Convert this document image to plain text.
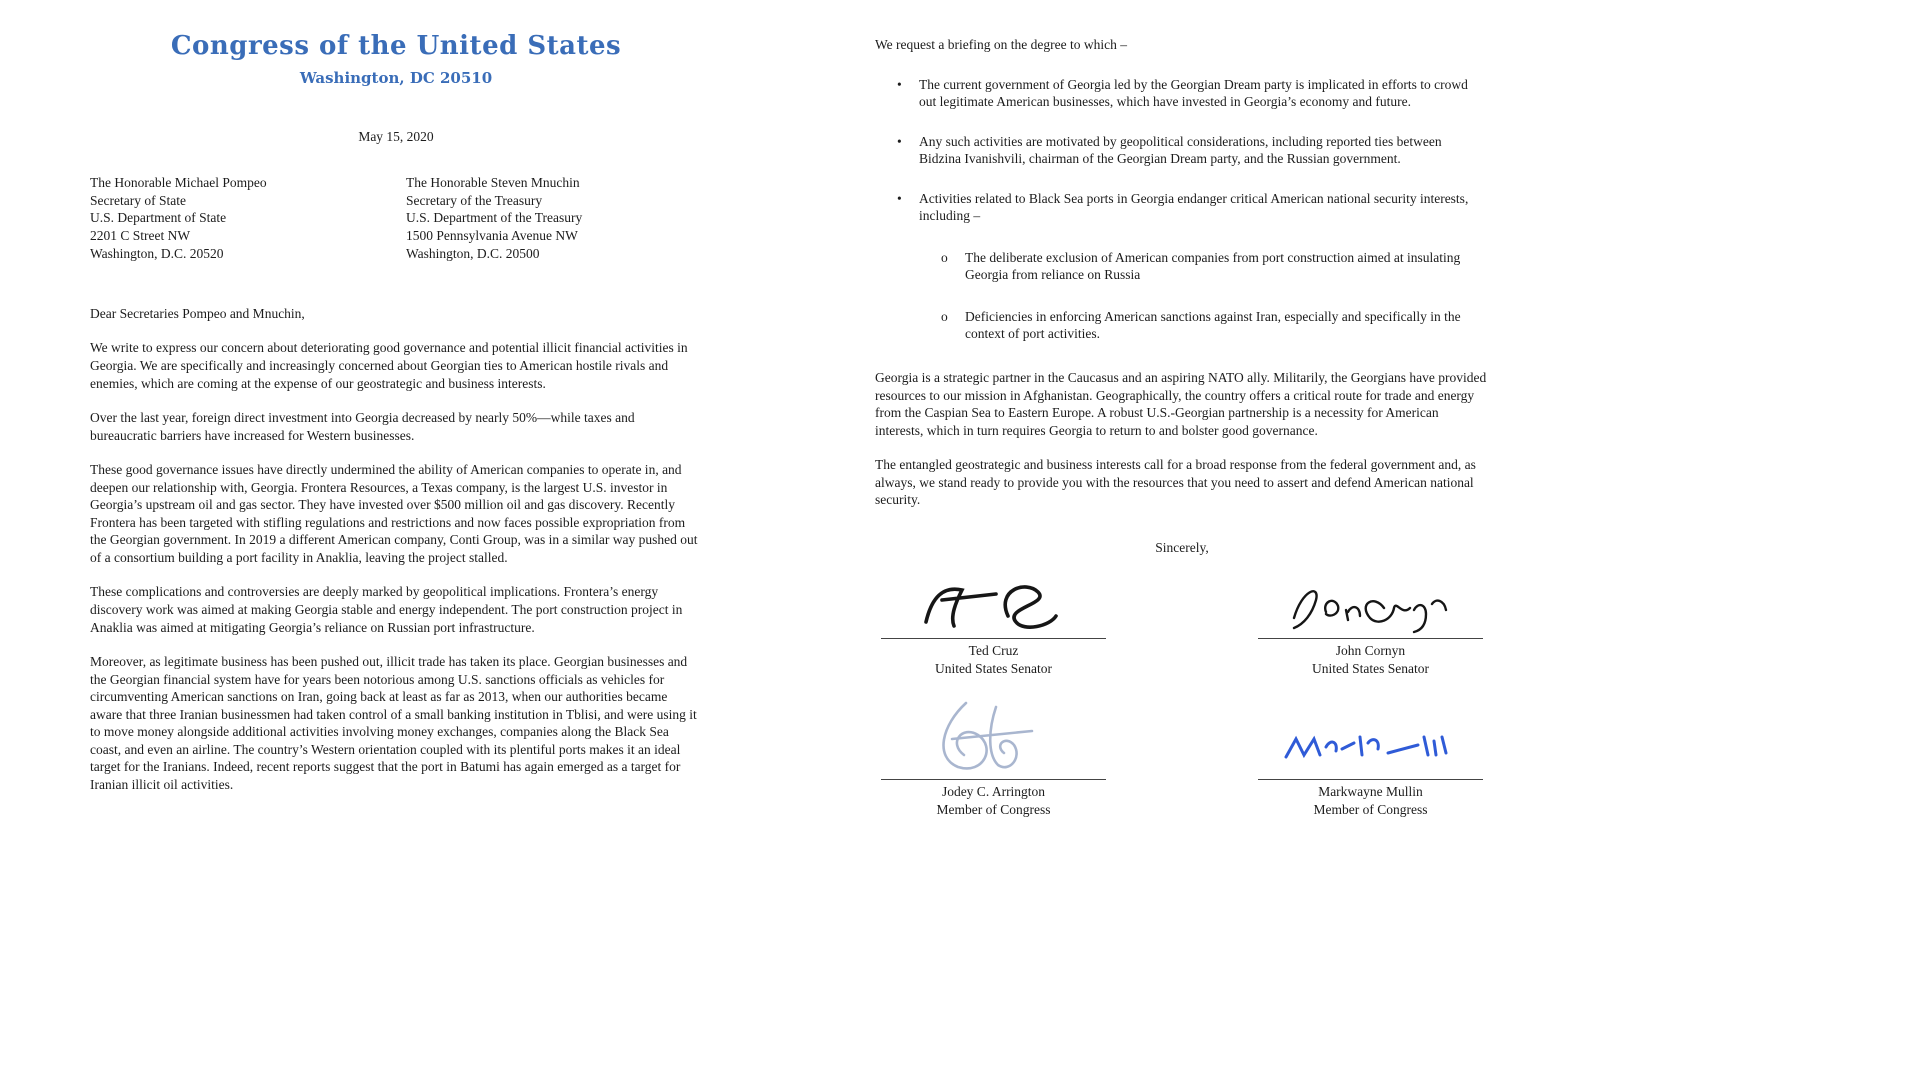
Congress of the United States
Washington, DC 20510
May 15, 2020
The Honorable Michael Pompeo
Secretary of State
U.S. Department of State
2201 C Street NW
Washington, D.C. 20520
The Honorable Steven Mnuchin
Secretary of the Treasury
U.S. Department of the Treasury
1500 Pennsylvania Avenue NW
Washington, D.C. 20500
Dear Secretaries Pompeo and Mnuchin,

We write to express our concern about deteriorating good governance and potential illicit financial activities in Georgia. We are specifically and increasingly concerned about Georgian ties to American hostile rivals and enemies, which are coming at the expense of our geostrategic and business interests.

Over the last year, foreign direct investment into Georgia decreased by nearly 50%—while taxes and bureaucratic barriers have increased for Western businesses.

These good governance issues have directly undermined the ability of American companies to operate in, and deepen our relationship with, Georgia. Frontera Resources, a Texas company, is the largest U.S. investor in Georgia’s upstream oil and gas sector. They have invested over $500 million oil and gas discovery. Recently Frontera has been targeted with stifling regulations and restrictions and now faces possible expropriation from the Georgian government. In 2019 a different American company, Conti Group, was in a similar way pushed out of a consortium building a port facility in Anaklia, leaving the project stalled.

These complications and controversies are deeply marked by geopolitical implications. Frontera’s energy discovery work was aimed at making Georgia stable and energy independent. The port construction project in Anaklia was aimed at mitigating Georgia’s reliance on Russian port infrastructure.

Moreover, as legitimate business has been pushed out, illicit trade has taken its place. Georgian businesses and the Georgian financial system have for years been notorious among U.S. sanctions officials as vehicles for circumventing American sanctions on Iran, going back at least as far as 2013, when our authorities became aware that three Iranian businessmen had taken control of a small banking institution in Tblisi, and were using it to move money alongside additional activities involving money exchanges, companies along the Black Sea coast, and even an airline. The country’s Western orientation coupled with its plentiful ports makes it an ideal target for the Iranians. Indeed, recent reports suggest that the port in Batumi has again emerged as a target for Iranian illicit oil activities.

We request a briefing on the degree to which –
•	The current government of Georgia led by the Georgian Dream party is implicated in efforts to crowd out legitimate American businesses, which have invested in Georgia’s economy and future.
•	Any such activities are motivated by geopolitical considerations, including reported ties between Bidzina Ivanishvili, chairman of the Georgian Dream party, and the Russian government.
•	Activities related to Black Sea ports in Georgia endanger critical American national security interests, including –
o	The deliberate exclusion of American companies from port construction aimed at insulating Georgia from reliance on Russia
o	Deficiencies in enforcing American sanctions against Iran, especially and specifically in the context of port activities.

Georgia is a strategic partner in the Caucasus and an aspiring NATO ally. Militarily, the Georgians have provided resources to our mission in Afghanistan. Geographically, the country offers a critical route for trade and energy from the Caspian Sea to Eastern Europe. A robust U.S.-Georgian partnership is a necessity for American interests, which in turn requires Georgia to return to and bolster good governance.

The entangled geostrategic and business interests call for a broad response from the federal government and, as always, we stand ready to provide you with the resources that you need to assert and defend American national security.

Sincerely,
Ted Cruz
United States Senator
John Cornyn
United States Senator
Jodey C. Arrington
Member of Congress
Markwayne Mullin
Member of Congress
